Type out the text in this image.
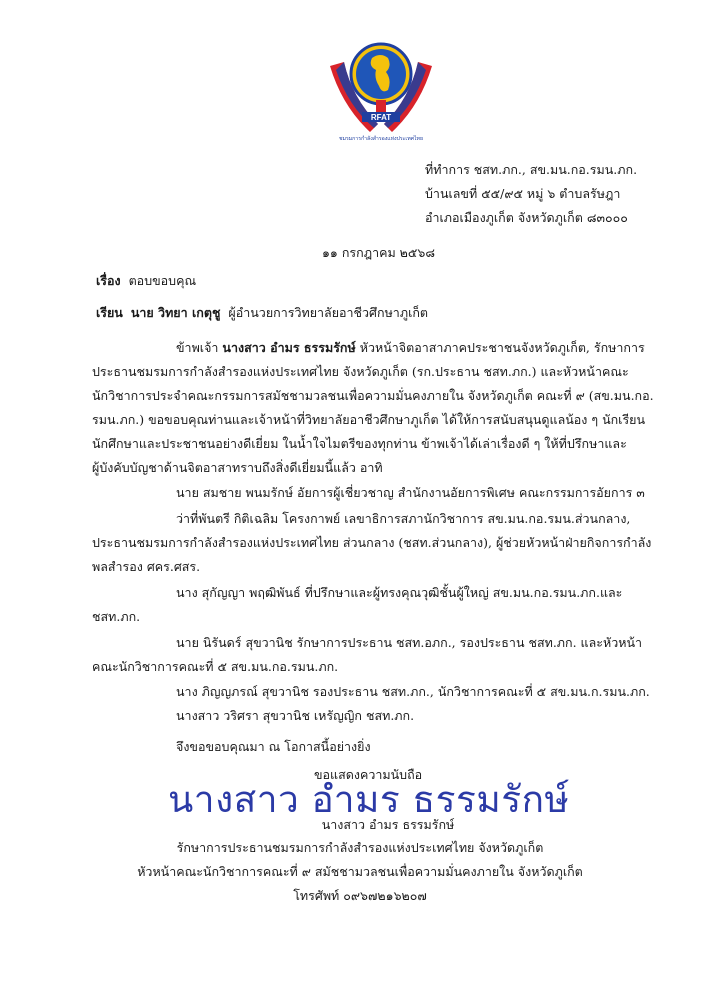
RFAT
ชมรมการกำลังสำรองแห่งประเทศไทย
ที่ทำการ ชสท.ภก., สข.มน.กอ.รมน.ภก.
บ้านเลขที่ ๕๕/๙๕ หมู่ ๖ ตำบลรัษฎา
อำเภอเมืองภูเก็ต จังหวัดภูเก็ต ๘๓๐๐๐
๑๑ กรกฎาคม ๒๕๖๘
เรื่อง ตอบขอบคุณ
เรียน นาย วิทยา เกตุชู ผู้อำนวยการวิทยาลัยอาชีวศึกษาภูเก็ต
ข้าพเจ้า นางสาว อำมร ธรรมรักษ์ หัวหน้าจิตอาสาภาคประชาชนจังหวัดภูเก็ต, รักษาการ
ประธานชมรมการกำลังสำรองแห่งประเทศไทย จังหวัดภูเก็ต (รก.ประธาน ชสท.ภก.) และหัวหน้าคณะ
นักวิชาการประจำคณะกรรมการสมัชชามวลชนเพื่อความมั่นคงภายใน จังหวัดภูเก็ต คณะที่ ๙ (สข.มน.กอ.
รมน.ภก.) ขอขอบคุณท่านและเจ้าหน้าที่วิทยาลัยอาชีวศึกษาภูเก็ต ได้ให้การสนับสนุนดูแลน้อง ๆ นักเรียน
นักศึกษาและประชาชนอย่างดีเยี่ยม ในน้ำใจไมตรีของทุกท่าน ข้าพเจ้าได้เล่าเรื่องดี ๆ ให้ที่ปรึกษาและ
ผู้บังคับบัญชาด้านจิตอาสาทราบถึงสิ่งดีเยี่ยมนี้แล้ว อาทิ
นาย สมชาย พนมรักษ์ อัยการผู้เชี่ยวชาญ สำนักงานอัยการพิเศษ คณะกรรมการอัยการ ๓
ว่าที่พันตรี กิติเฉลิม โครงกาพย์ เลขาธิการสภานักวิชาการ สข.มน.กอ.รมน.ส่วนกลาง,
ประธานชมรมการกำลังสำรองแห่งประเทศไทย ส่วนกลาง (ชสท.ส่วนกลาง), ผู้ช่วยหัวหน้าฝ่ายกิจการกำลัง
พลสำรอง ศคร.ศสร.
นาง สุกัญญา พฤฒิพันธ์ ที่ปรึกษาและผู้ทรงคุณวุฒิชั้นผู้ใหญ่ สข.มน.กอ.รมน.ภก.และ
ชสท.ภก.
นาย นิรันดร์ สุขวานิช รักษาการประธาน ชสท.อภก., รองประธาน ชสท.ภก. และหัวหน้า
คณะนักวิชาการคณะที่ ๕ สข.มน.กอ.รมน.ภก.
นาง ภิญญภรณ์ สุขวานิช รองประธาน ชสท.ภก., นักวิชาการคณะที่ ๕ สข.มน.ก.รมน.ภก.
นางสาว วริศรา สุขวานิช เหรัญญิก ชสท.ภก.
จึงขอขอบคุณมา ณ โอกาสนี้อย่างยิ่ง
ขอแสดงความนับถือ
นางสาว อำมร ธรรมรักษ์
นางสาว อำมร ธรรมรักษ์
รักษาการประธานชมรมการกำลังสำรองแห่งประเทศไทย จังหวัดภูเก็ต
หัวหน้าคณะนักวิชาการคณะที่ ๙ สมัชชามวลชนเพื่อความมั่นคงภายใน จังหวัดภูเก็ต
โทรศัพท์ ๐๙๖๗๒๑๖๒๐๗
